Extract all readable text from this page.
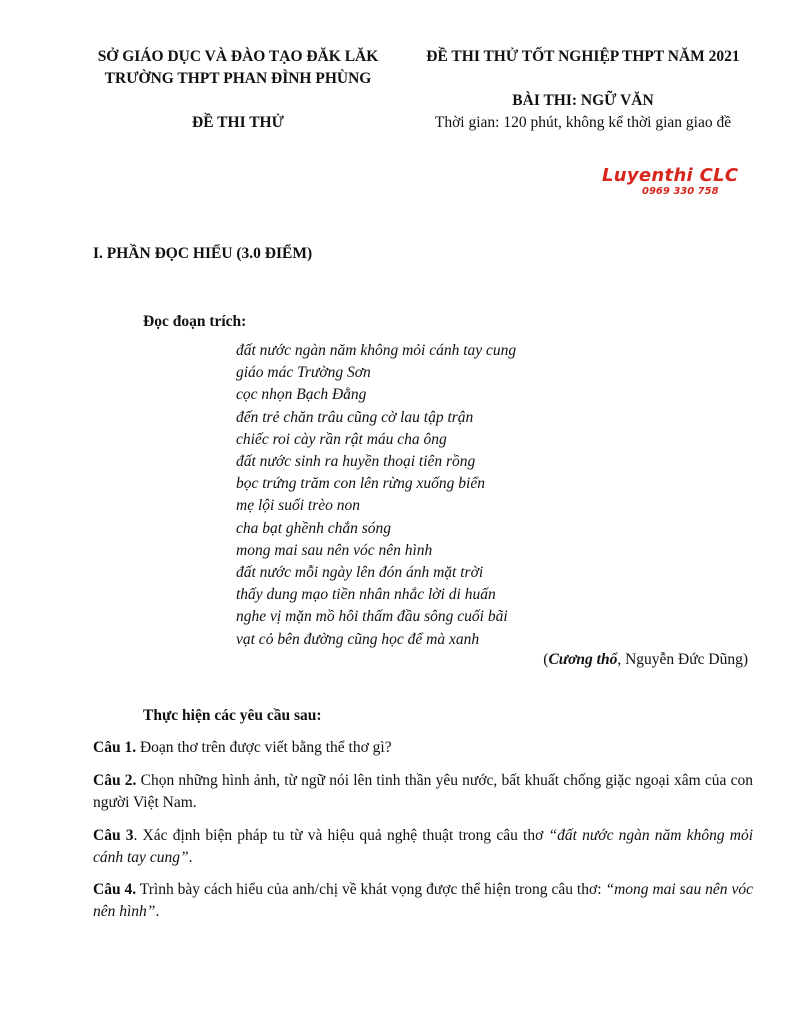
SỞ GIÁO DỤC VÀ ĐÀO TẠO ĐĂK LĂK
TRƯỜNG THPT PHAN ĐÌNH PHÙNG
ĐỀ THI THỬ
ĐỀ THI THỬ TỐT NGHIỆP THPT NĂM 2021
BÀI THI: NGỮ VĂN
Thời gian: 120 phút, không kể thời gian giao đề
Luyenthi CLC
0969 330 758
I. PHẦN ĐỌC HIỂU (3.0 ĐIỂM)
Đọc đoạn trích:
đất nước ngàn năm không mỏi cánh tay cung
giáo mác Trường Sơn
cọc nhọn Bạch Đằng
đến trẻ chăn trâu cũng cờ lau tập trận
chiếc roi cày rần rật máu cha ông
đất nước sinh ra huyền thoại tiên rồng
bọc trứng trăm con lên rừng xuống biển
mẹ lội suối trèo non
cha bạt ghềnh chắn sóng
mong mai sau nên vóc nên hình
đất nước mỗi ngày lên đón ánh mặt trời
thấy dung mạo tiền nhân nhắc lời di huấn
nghe vị mặn mồ hôi thấm đầu sông cuối bãi
vạt cỏ bên đường cũng học để mà xanh
(Cương thổ, Nguyễn Đức Dũng)
Thực hiện các yêu cầu sau:
Câu 1. Đoạn thơ trên được viết bằng thể thơ gì?
Câu 2. Chọn những hình ảnh, từ ngữ nói lên tinh thần yêu nước, bất khuất chống giặc ngoại xâm của con người Việt Nam.
Câu 3. Xác định biện pháp tu từ và hiệu quả nghệ thuật trong câu thơ “đất nước ngàn năm không mỏi cánh tay cung”.
Câu 4. Trình bày cách hiểu của anh/chị về khát vọng được thể hiện trong câu thơ: “mong mai sau nên vóc nên hình”.
